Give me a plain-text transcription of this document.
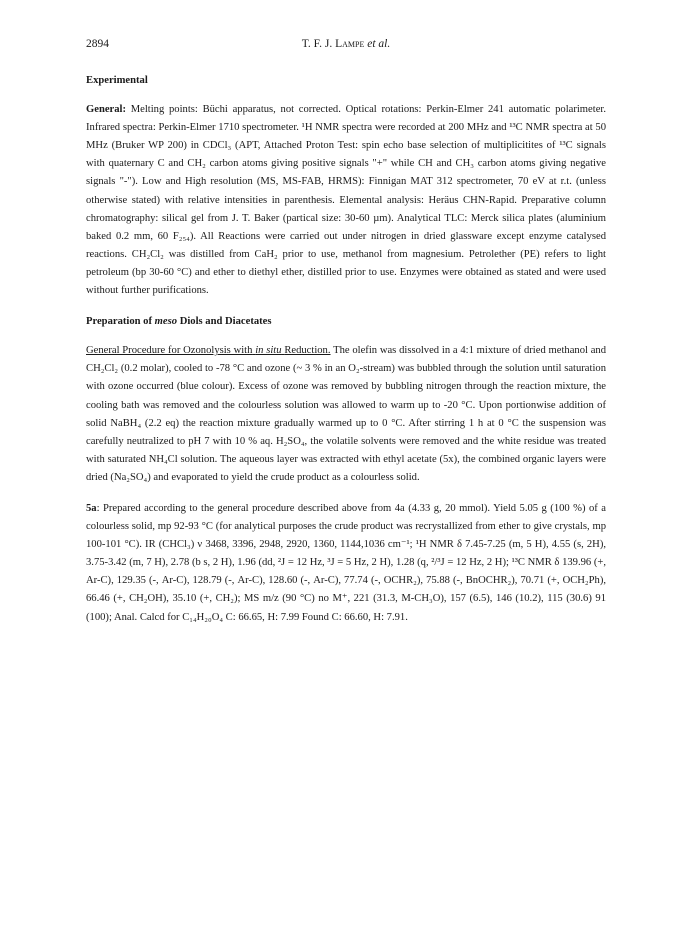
2894	T. F. J. Lampe et al.
Experimental

General: Melting points: Büchi apparatus, not corrected. Optical rotations: Perkin-Elmer 241 automatic polarimeter. Infrared spectra: Perkin-Elmer 1710 spectrometer. ¹H NMR spectra were recorded at 200 MHz and ¹³C NMR spectra at 50 MHz (Bruker WP 200) in CDCl₃ (APT, Attached Proton Test: spin echo base selection of multiplicitites of ¹³C signals with quaternary C and CH₂ carbon atoms giving positive signals "+" while CH and CH₃ carbon atoms giving negative signals "-"). Low and High resolution (MS, MS-FAB, HRMS): Finnigan MAT 312 spectrometer, 70 eV at r.t. (unless otherwise stated) with relative intensities in parenthesis. Elemental analysis: Heräus CHN-Rapid. Preparative column chromatography: silical gel from J. T. Baker (partical size: 30-60 µm). Analytical TLC: Merck silica plates (aluminium baked 0.2 mm, 60 F₂₅₄). All Reactions were carried out under nitrogen in dried glassware except enzyme catalysed reactions. CH₂Cl₂ was distilled from CaH₂ prior to use, methanol from magnesium. Petrolether (PE) refers to light petroleum (bp 30-60 °C) and ether to diethyl ether, distilled prior to use. Enzymes were obtained as stated and were used without further purifications.

Preparation of meso Diols and Diacetates

General Procedure for Ozonolysis with in situ Reduction. The olefin was dissolved in a 4:1 mixture of dried methanol and CH₂Cl₂ (0.2 molar), cooled to -78 °C and ozone (~ 3 % in an O₂-stream) was bubbled through the solution until saturation with ozone occurred (blue colour). Excess of ozone was removed by bubbling nitrogen through the reaction mixture, the cooling bath was removed and the colourless solution was allowed to warm up to -20 °C. Upon portionwise addition of solid NaBH₄ (2.2 eq) the reaction mixture gradually warmed up to 0 °C. After stirring 1 h at 0 °C the suspension was carefully neutralized to pH 7 with 10 % aq. H₂SO₄, the volatile solvents were removed and the white residue was treated with saturated NH₄Cl solution. The aqueous layer was extracted with ethyl acetate (5x), the combined organic layers were dried (Na₂SO₄) and evaporated to yield the crude product as a colourless solid.

5a: Prepared according to the general procedure described above from 4a (4.33 g, 20 mmol). Yield 5.05 g (100 %) of a colourless solid, mp 92-93 °C (for analytical purposes the crude product was recrystallized from ether to give crystals, mp 100-101 °C). IR (CHCl₃) ν 3468, 3396, 2948, 2920, 1360, 1144,1036 cm⁻¹; ¹H NMR δ 7.45-7.25 (m, 5 H), 4.55 (s, 2H), 3.75-3.42 (m, 7 H), 2.78 (b s, 2 H), 1.96 (dd, ²J = 12 Hz, ³J = 5 Hz, 2 H), 1.28 (q, ²/³J = 12 Hz, 2 H); ¹³C NMR δ 139.96 (+, Ar-C), 129.35 (-, Ar-C), 128.79 (-, Ar-C), 128.60 (-, Ar-C), 77.74 (-, OCHR₂), 75.88 (-, BnOCHR₂), 70.71 (+, OCH₂Ph), 66.46 (+, CH₂OH), 35.10 (+, CH₂); MS m/z (90 °C) no M⁺, 221 (31.3, M-CH₃O), 157 (6.5), 146 (10.2), 115 (30.6) 91 (100); Anal. Calcd for C₁₄H₂₀O₄ C: 66.65, H: 7.99 Found C: 66.60, H: 7.91.
